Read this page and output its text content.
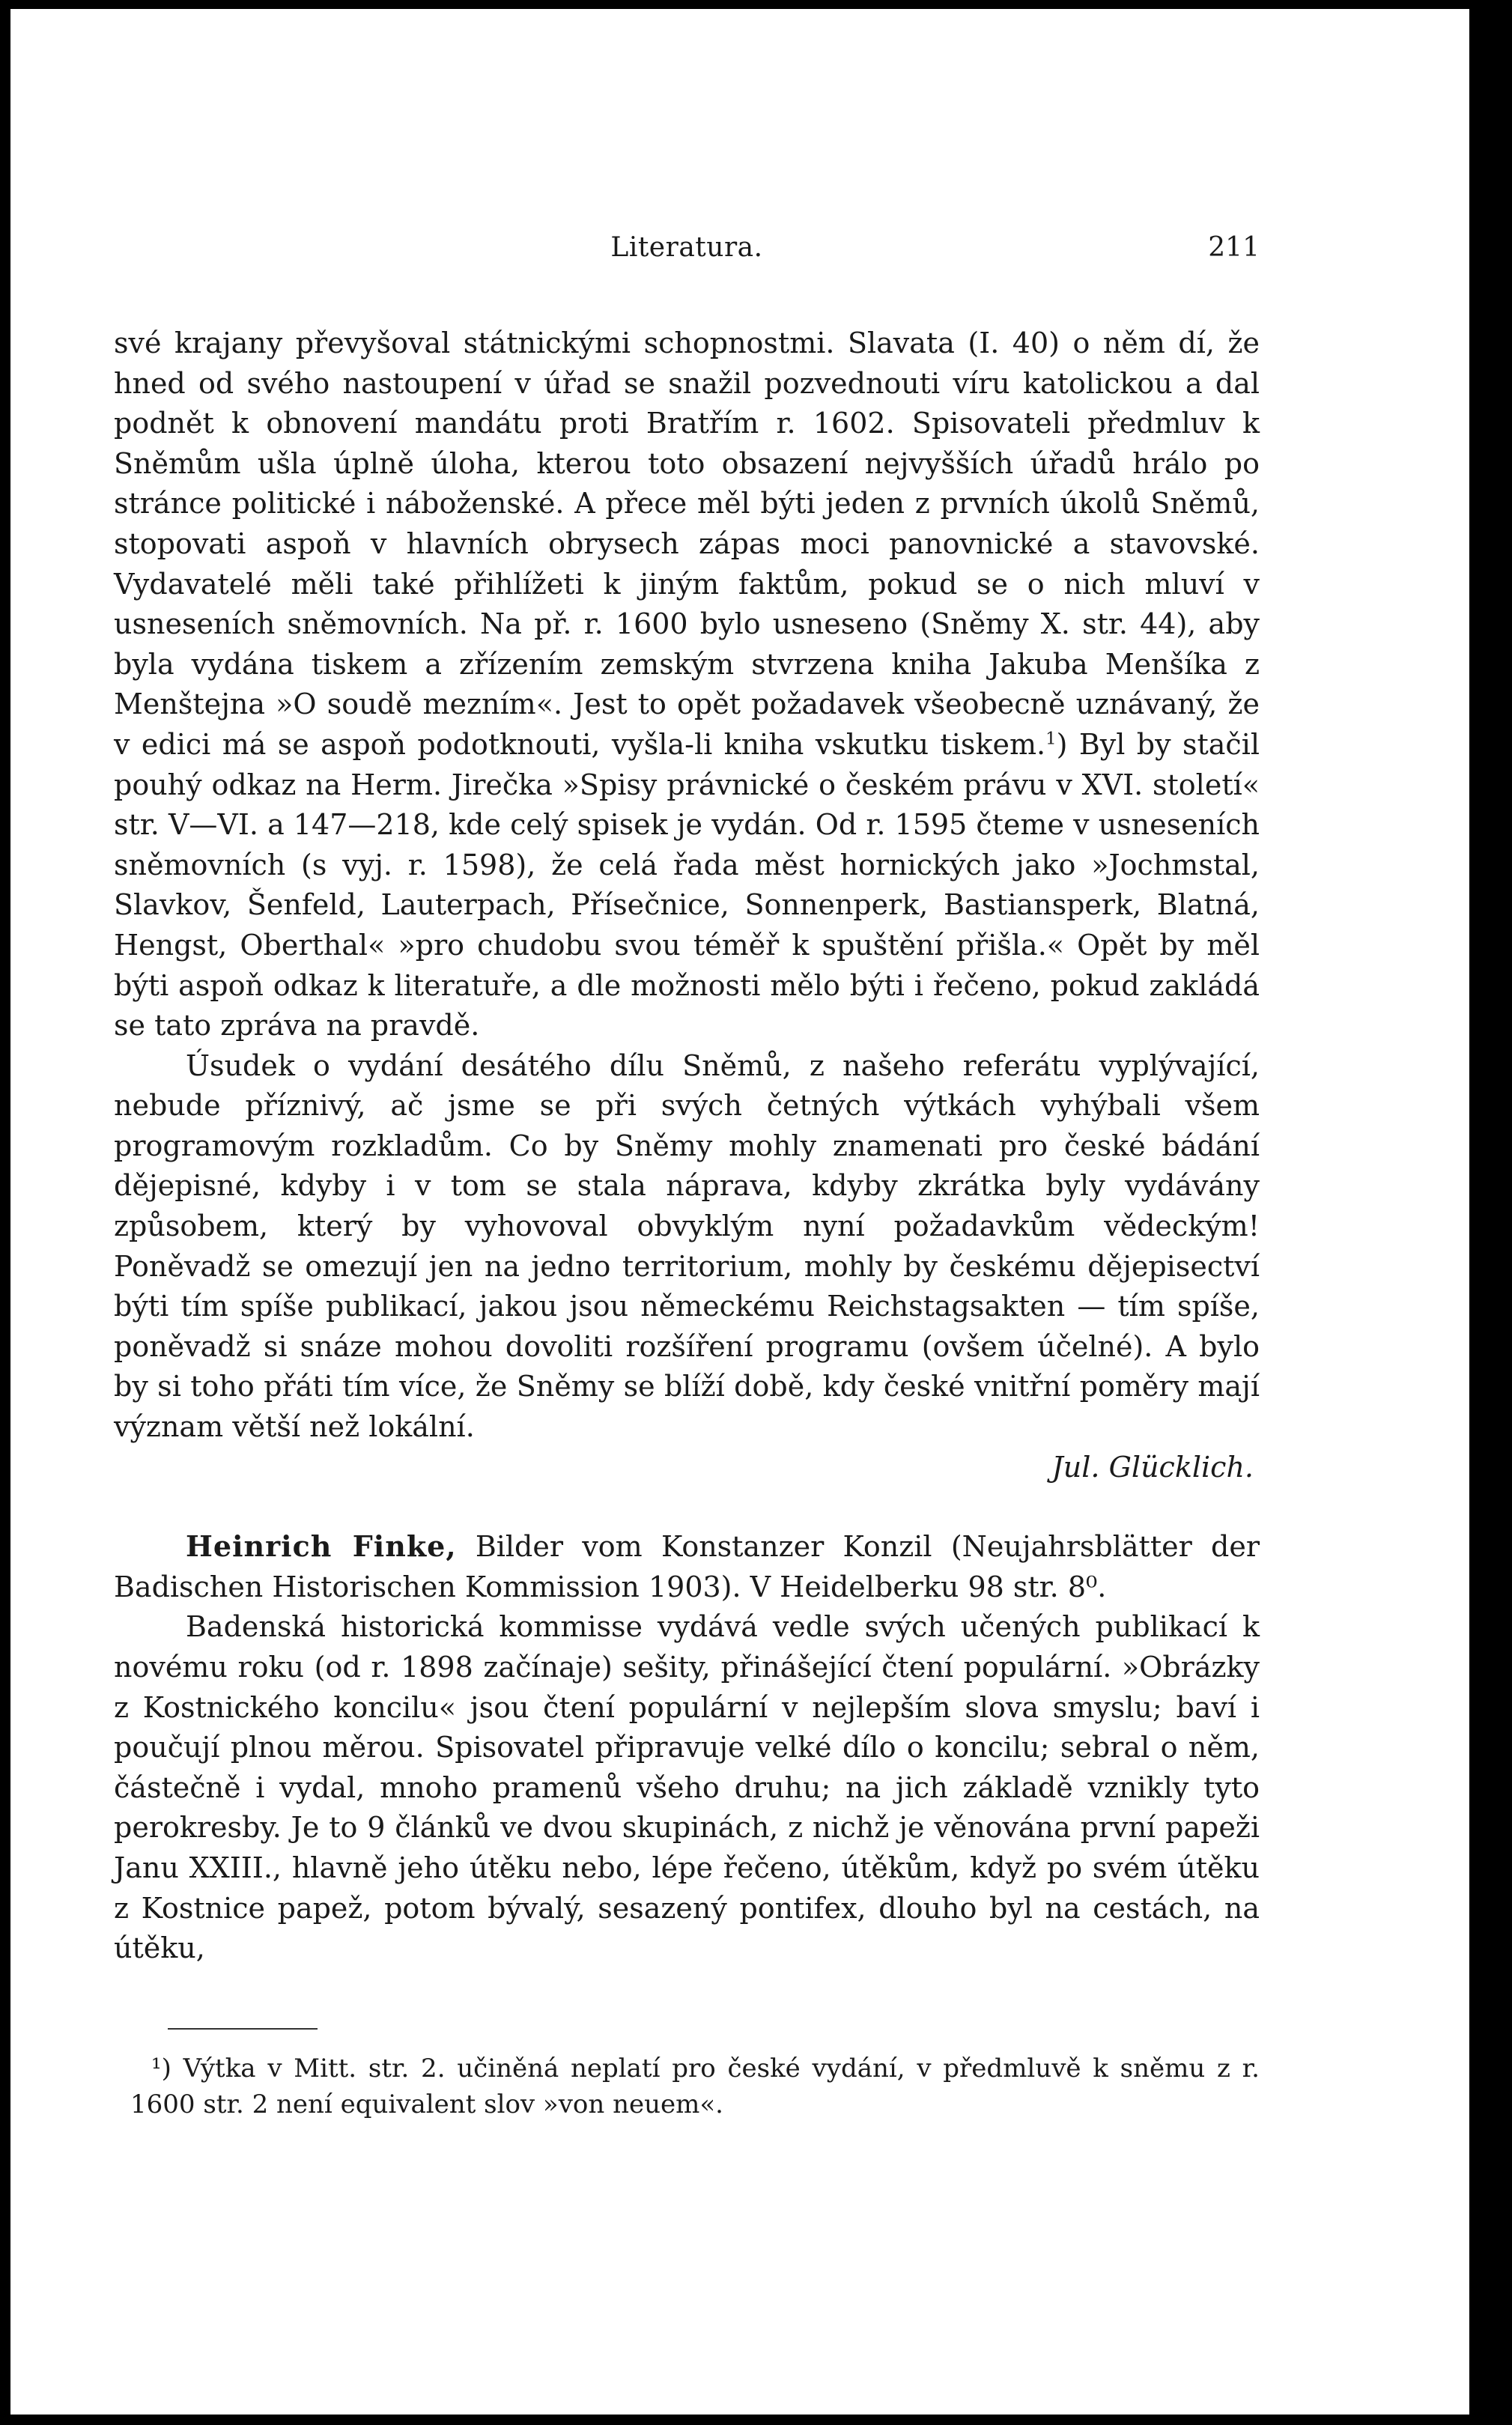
Literatura.	211

své krajany převyšoval státnickými schopnostmi. Slavata (I. 40) o něm dí, že hned od svého nastoupení v úřad se snažil pozvednouti víru katolickou a dal podnět k obnovení mandátu proti Bratřím r. 1602. Spisovateli předmluv k Sněmům ušla úplně úloha, kterou toto obsazení nejvyšších úřadů hrálo po stránce politické i náboženské. A přece měl býti jeden z prvních úkolů Sněmů, stopovati aspoň v hlavních obrysech zápas moci panovnické a stavovské. Vydavatelé měli také přihlížeti k jiným faktům, pokud se o nich mluví v usneseních sněmovních. Na př. r. 1600 bylo usneseno (Sněmy X. str. 44), aby byla vydána tiskem a zřízením zemským stvrzena kniha Jakuba Menšíka z Menštejna »O soudě mezním«. Jest to opět požadavek všeobecně uznávaný, že v edici má se aspoň podotknouti, vyšla-li kniha vskutku tiskem.$^1$) Byl by stačil pouhý odkaz na Herm. Jirečka »Spisy právnické o českém právu v XVI. století« str. V—VI. a 147—218, kde celý spisek je vydán. Od r. 1595 čteme v usneseních sněmovních (s vyj. r. 1598), že celá řada měst hornických jako »Jochmstal, Slavkov, Šenfeld, Lauterpach, Přísečnice, Sonnenperk, Bastiansperk, Blatná, Hengst, Oberthal« »pro chudobu svou téměř k spuštění přišla.« Opět by měl býti aspoň odkaz k literatuře, a dle možnosti mělo býti i řečeno, pokud zakládá se tato zpráva na pravdě.

Úsudek o vydání desátého dílu Sněmů, z našeho referátu vyplývající, nebude příznivý, ač jsme se při svých četných výtkách vyhýbali všem programovým rozkladům. Co by Sněmy mohly znamenati pro české bádání dějepisné, kdyby i v tom se stala náprava, kdyby zkrátka byly vydávány způsobem, který by vyhovoval obvyklým nyní požadavkům vědeckým! Poněvadž se omezují jen na jedno territorium, mohly by českému dějepisectví býti tím spíše publikací, jakou jsou německému Reichstagsakten — tím spíše, poněvadž si snáze mohou dovoliti rozšíření programu (ovšem účelné). A bylo by si toho přáti tím více, že Sněmy se blíží době, kdy české vnitřní poměry mají význam větší než lokální.

Jul. Glücklich.

Heinrich Finke, Bilder vom Konstanzer Konzil (Neujahrsblätter der Badischen Historischen Kommission 1903). V Heidelberku 98 str. 8⁰.

Badenská historická kommisse vydává vedle svých učených publikací k novému roku (od r. 1898 začínaje) sešity, přinášející čtení populární. »Obrázky z Kostnického koncilu« jsou čtení populární v nejlepším slova smyslu; baví i poučují plnou měrou. Spisovatel připravuje velké dílo o koncilu; sebral o něm, částečně i vydal, mnoho pramenů všeho druhu; na jich základě vznikly tyto perokresby. Je to 9 článků ve dvou skupinách, z nichž je věnována první papeži Janu XXIII., hlavně jeho útěku nebo, lépe řečeno, útěkům, když po svém útěku z Kostnice papež, potom bývalý, sesazený pontifex, dlouho byl na cestách, na útěku,

¹) Výtka v Mitt. str. 2. učiněná neplatí pro české vydání, v předmluvě k sněmu z r. 1600 str. 2 není equivalent slov »von neuem«.
